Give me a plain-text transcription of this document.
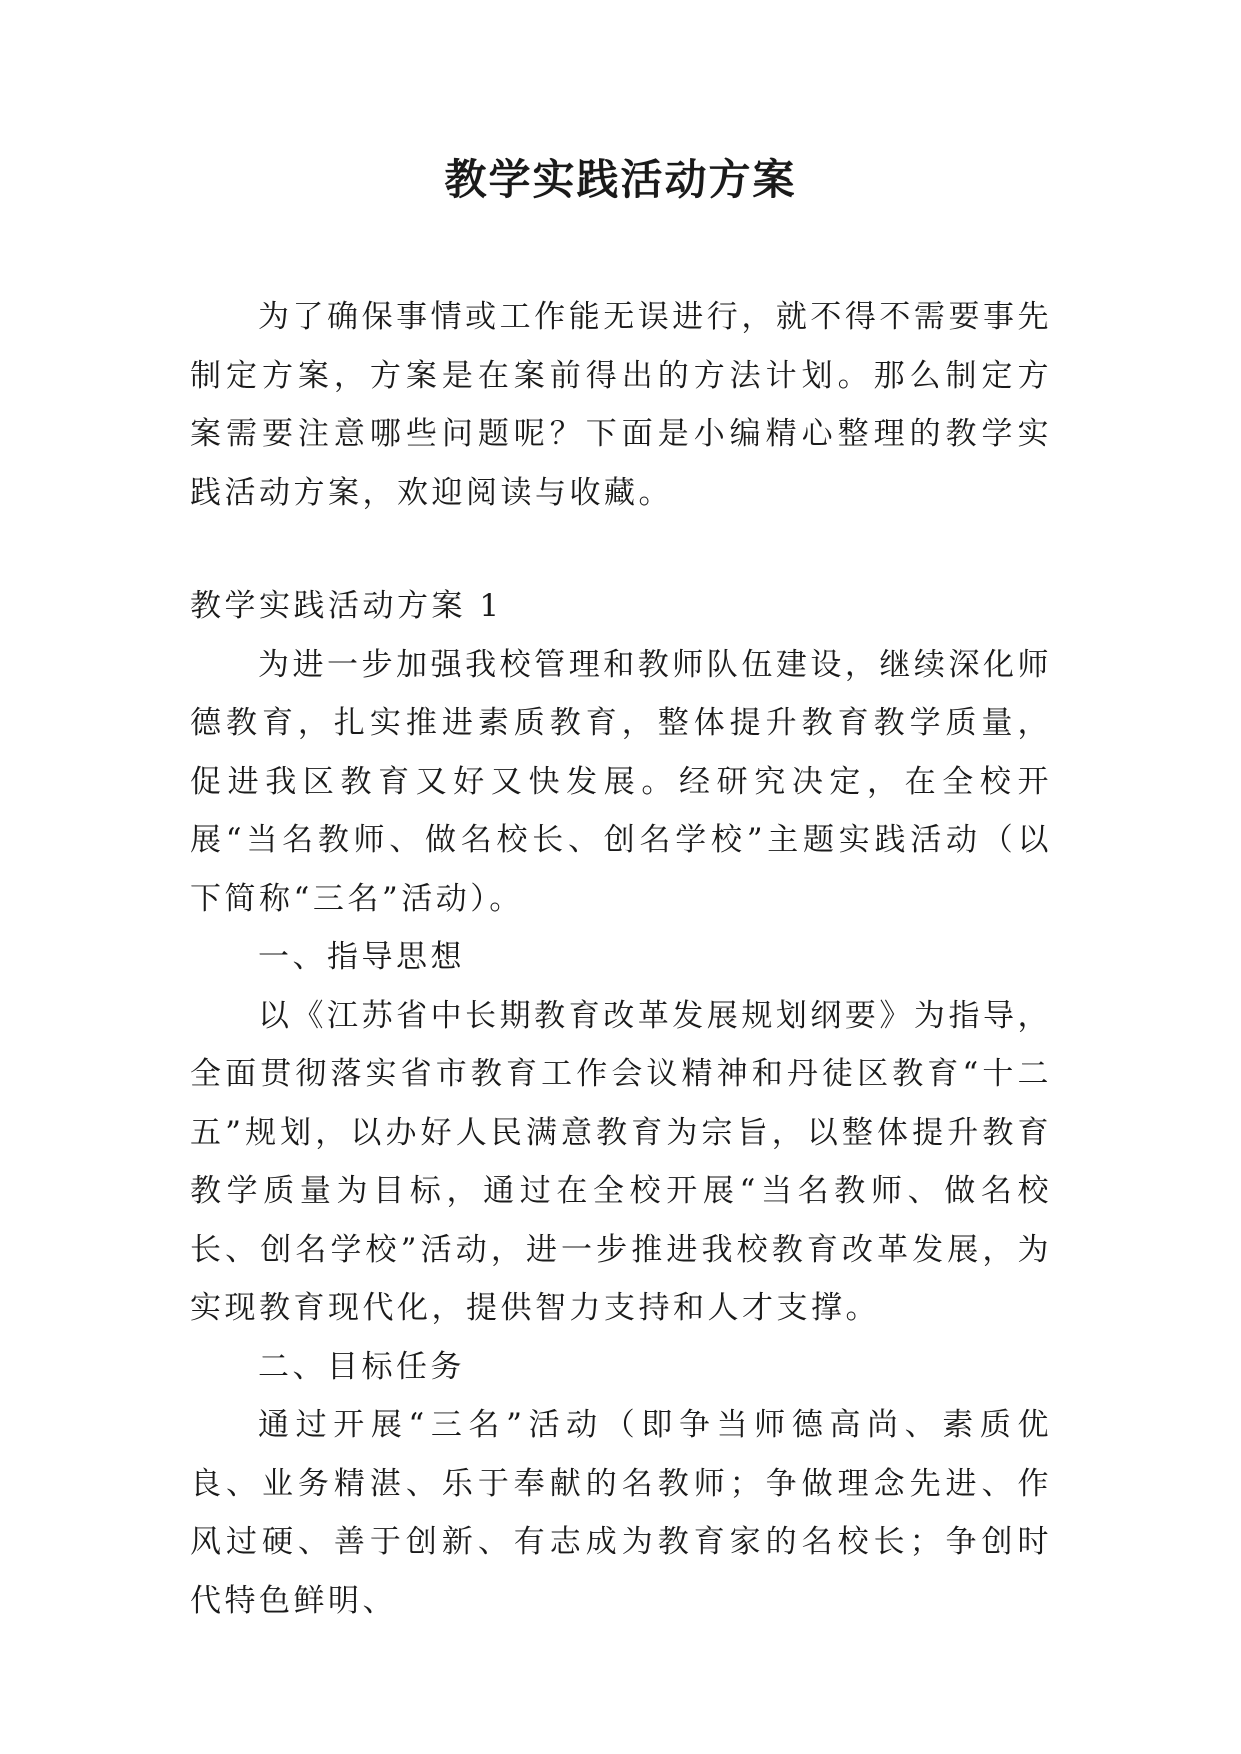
教学实践活动方案

为了确保事情或工作能无误进行，就不得不需要事先制定方案，方案是在案前得出的方法计划。那么制定方案需要注意哪些问题呢？下面是小编精心整理的教学实践活动方案，欢迎阅读与收藏。

教学实践活动方案 1

为进一步加强我校管理和教师队伍建设，继续深化师德教育，扎实推进素质教育，整体提升教育教学质量，促进我区教育又好又快发展。经研究决定，在全校开展“当名教师、做名校长、创名学校”主题实践活动（以下简称“三名”活动）。

一、指导思想

以《江苏省中长期教育改革发展规划纲要》为指导，全面贯彻落实省市教育工作会议精神和丹徒区教育“十二五”规划，以办好人民满意教育为宗旨，以整体提升教育教学质量为目标，通过在全校开展“当名教师、做名校长、创名学校”活动，进一步推进我校教育改革发展，为实现教育现代化，提供智力支持和人才支撑。

二、目标任务

通过开展“三名”活动（即争当师德高尚、素质优良、业务精湛、乐于奉献的名教师；争做理念先进、作风过硬、善于创新、有志成为教育家的名校长；争创时代特色鲜明、
